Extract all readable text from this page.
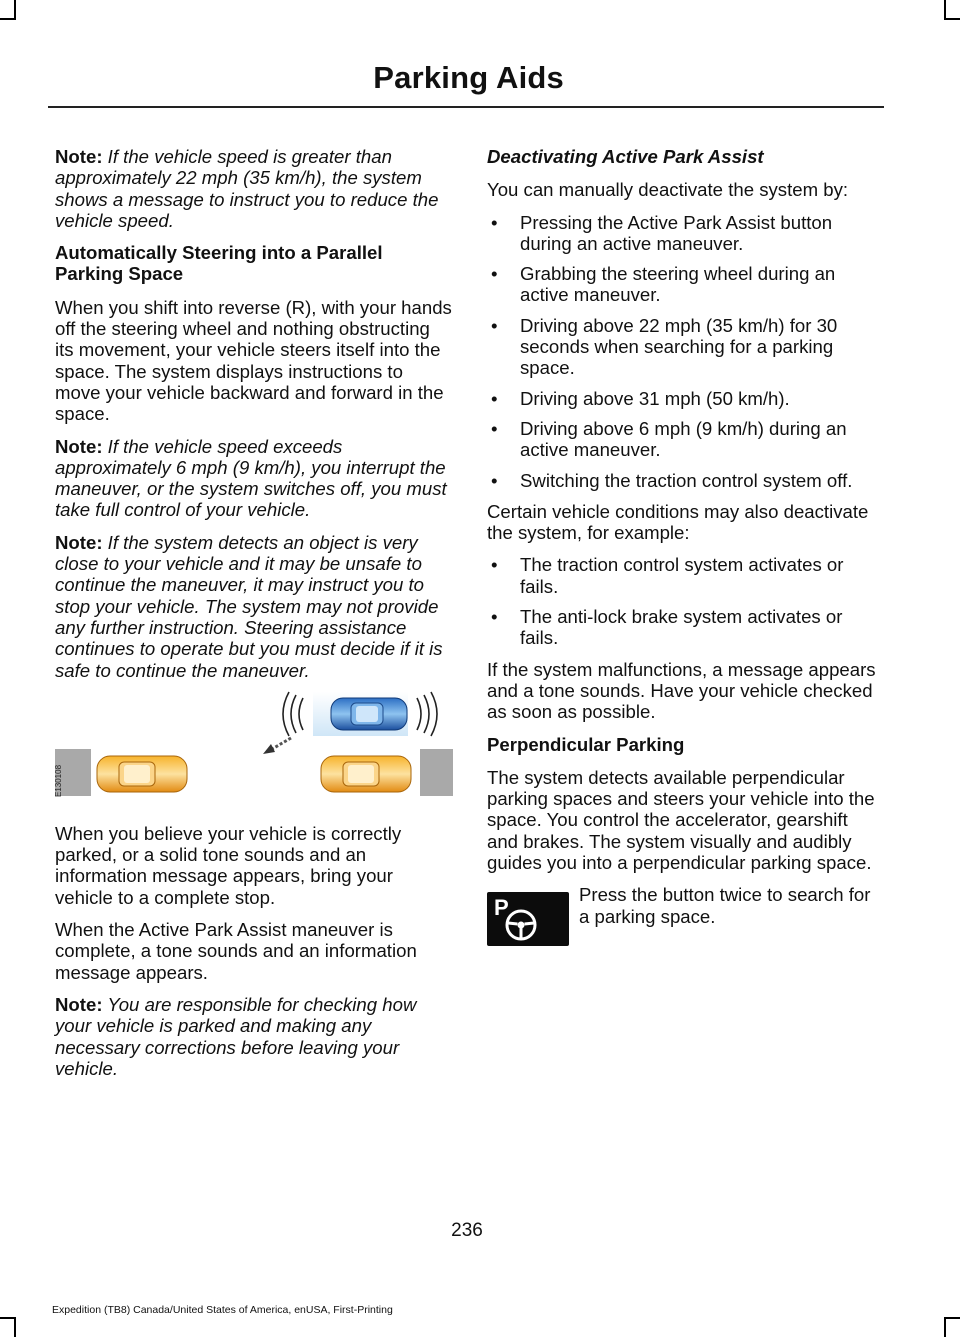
Parking Aids

Note: If the vehicle speed is greater than approximately 22 mph (35 km/h), the system shows a message to instruct you to reduce the vehicle speed.

Automatically Steering into a Parallel Parking Space

When you shift into reverse (R), with your hands off the steering wheel and nothing obstructing its movement, your vehicle steers itself into the space. The system displays instructions to move your vehicle backward and forward in the space.

Note: If the vehicle speed exceeds approximately 6 mph (9 km/h), you interrupt the maneuver, or the system switches off, you must take full control of your vehicle.

Note: If the system detects an object is very close to your vehicle and it may be unsafe to continue the maneuver, it may instruct you to stop your vehicle. The system may not provide any further instruction. Steering assistance continues to operate but you must decide if it is safe to continue the maneuver.

E130108

When you believe your vehicle is correctly parked, or a solid tone sounds and an information message appears, bring your vehicle to a complete stop.

When the Active Park Assist maneuver is complete, a tone sounds and an information message appears.

Note: You are responsible for checking how your vehicle is parked and making any necessary corrections before leaving your vehicle.

Deactivating Active Park Assist

You can manually deactivate the system by:

• Pressing the Active Park Assist button during an active maneuver.
• Grabbing the steering wheel during an active maneuver.
• Driving above 22 mph (35 km/h) for 30 seconds when searching for a parking space.
• Driving above 31 mph (50 km/h).
• Driving above 6 mph (9 km/h) during an active maneuver.
• Switching the traction control system off.

Certain vehicle conditions may also deactivate the system, for example:

• The traction control system activates or fails.
• The anti-lock brake system activates or fails.

If the system malfunctions, a message appears and a tone sounds. Have your vehicle checked as soon as possible.

Perpendicular Parking

The system detects available perpendicular parking spaces and steers your vehicle into the space. You control the accelerator, gearshift and brakes. The system visually and audibly guides you into a perpendicular parking space.

P
Press the button twice to search for a parking space.
236
Expedition (TB8) Canada/United States of America, enUSA, First-Printing
